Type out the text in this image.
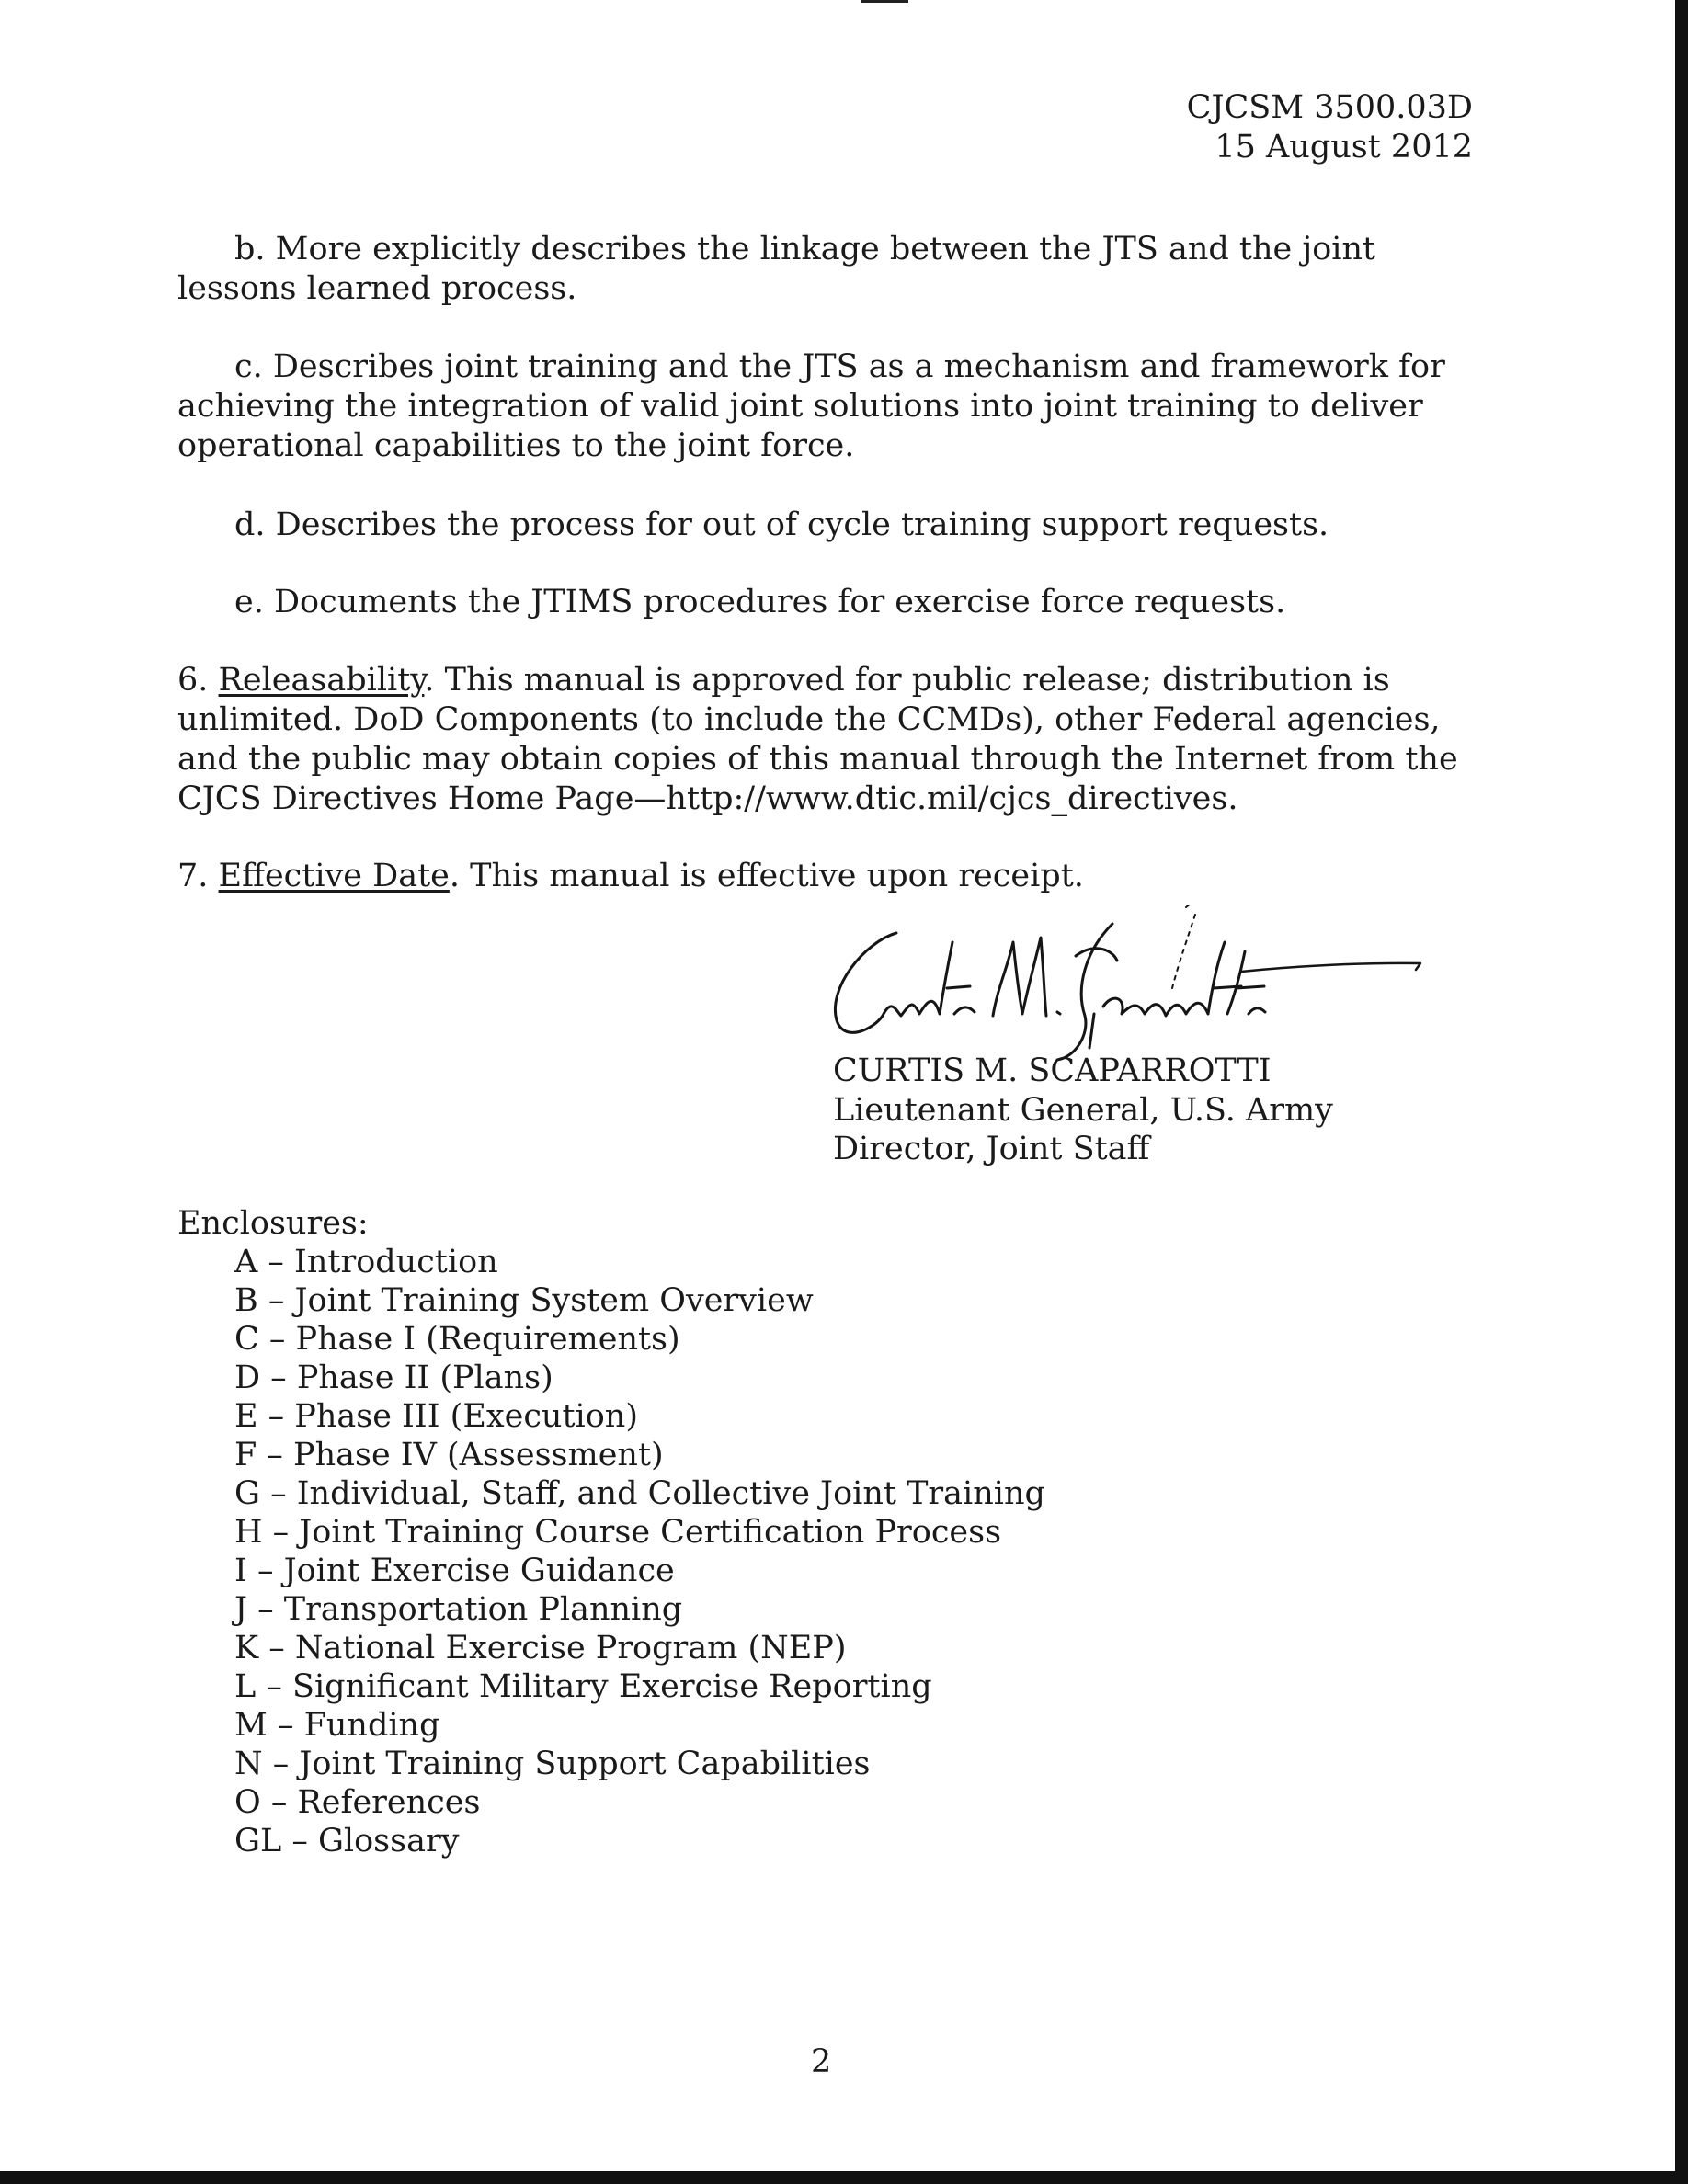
CJCSM 3500.03D
15 August 2012
b. More explicitly describes the linkage between the JTS and the joint
lessons learned process.
c. Describes joint training and the JTS as a mechanism and framework for
achieving the integration of valid joint solutions into joint training to deliver
operational capabilities to the joint force.
d. Describes the process for out of cycle training support requests.
e. Documents the JTIMS procedures for exercise force requests.
6. Releasability. This manual is approved for public release; distribution is
unlimited. DoD Components (to include the CCMDs), other Federal agencies,
and the public may obtain copies of this manual through the Internet from the
CJCS Directives Home Page—http://www.dtic.mil/cjcs_directives.
7. Effective Date. This manual is effective upon receipt.
CURTIS M. SCAPARROTTI
Lieutenant General, U.S. Army
Director, Joint Staff
Enclosures:
A – Introduction
B – Joint Training System Overview
C – Phase I (Requirements)
D – Phase II (Plans)
E – Phase III (Execution)
F – Phase IV (Assessment)
G – Individual, Staff, and Collective Joint Training
H – Joint Training Course Certification Process
I – Joint Exercise Guidance
J – Transportation Planning
K – National Exercise Program (NEP)
L – Significant Military Exercise Reporting
M – Funding
N – Joint Training Support Capabilities
O – References
GL – Glossary
2
